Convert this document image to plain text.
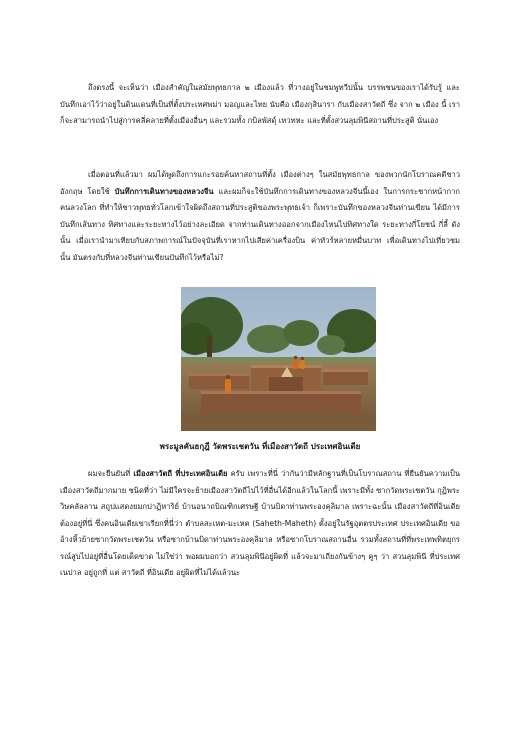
ถึงตรงนี้ จะเห็นว่า เมืองสำคัญในสมัยพุทธกาล ๒ เมืองแล้ว ที่วางอยู่ในชมพูทวีปนั้น บรรพชนของเราได้รับรู้ และบันทึกเอาไว้ว่าอยู่ในดินแดนที่เป็นที่ตั้งประเทศพม่า มอญและไทย นับคือ เมืองกุสินารา กับเมืองสาวัตถี ซึ่ง จาก ๒ เมือง นี้ เราก็จะสามารถนำไปสู่การคลี่คลายที่ตั้งเมืองอื่นๆ และรวมทั้ง กบิลพัสดุ์ เทวทหะ และที่ตั้งสวนลุมพินีสถานที่ประสูติ นั่นเอง

เมื่อตอนที่แล้วมา ผมได้พูดถึงการแกะรอยค้นหาสถานที่ตั้ง เมืองต่างๆ ในสมัยพุทธกาล ของพวกนักโบราณคดีชาวอังกฤษ โดยใช้ บันทึกการเดินทางของหลวงจีน และผมก็จะใช้บันทึกการเดินทางของหลวงจีนนี้เอง ในการกระชากหน้ากากคนลวงโลก ที่ทำให้ชาวพุทธทั่วโลกเข้าใจผิดถึงสถานที่ประสูติของพระพุทธเจ้า ก็เพราะบันทึกของหลวงจีนท่านเขียน ได้มีการบันทึกเส้นทาง ทิศทางและระยะทางไว้อย่างละเอียด จากท่านเดินทางออกจากเมืองไหนไปทิศทางใด ระยะทางกี่โยชน์ กี่ลี้ ดังนั้น เมื่อเรานำมาเทียบกับสภาพการณ์ในปัจจุบันที่เราหากไปเสียค่าเครื่องบิน ค่าทัวร์หลายหมื่นบาท เพื่อเดินทางไปเที่ยวชมนั้น มันตรงกับที่หลวงจีนท่านเขียนบันทึกไว้หรือไม่?

พระมูลคันธกุฎี วัดพระเชตวัน ที่เมืองสาวัตถี ประเทศอินเดีย

ผมจะยืนยันที่ เมืองสาวัตถี ที่ประเทศอินเดีย ครับ เพราะที่นี่ ว่ากันว่ามีหลักฐานที่เป็นโบราณสถาน ที่ยืนยันความเป็นเมืองสาวัตถีมากมาย ชนิดที่ว่า ไม่มีใครจะย้ายเมืองสาวัตถีไปไว้ที่อื่นได้อีกแล้วในโลกนี้ เพราะมีทั้ง ซากวัดพระเชตวัน กุฏิพระวิษคลัลลาน สถูปแสดงยมกปาฏิหาริย์ บ้านอนาถบิณฑิกเศรษฐี บ้านบิดาท่านพระองคุลิมาล เพราะฉะนั้น เมืองสาวัตถีที่อินเดีย ต้องอยู่ที่นี่ ซึ่งคนอินเดียเขาเรียกที่นี่ว่า ตำบลสะเหต-มะเหต (Saheth-Maheth) ตั้งอยู่ในรัฐอุตตรประเทศ ประเทศอินเดีย ขออ้างหิ้วย้ายซากวัดพระเชตวัน หรือซากบ้านบิดาท่านพระองคุลิมาล หรือซากโบราณสถานอื่น รวมทั้งสถานที่ที่พระเทพทิตยุกรรณ์สูบไปอยู่ที่อื่นโดยเด็ดขาด ไม่ใช่ว่า พอผมบอกว่า สวนลุมพินีอยู่ผิดที่ แล้วจะมาเถียงกันข้างๆ คูๆ ว่า สวนลุมพินี ที่ประเทศเนปาล อยู่ถูกที่ แต่ สาวัตถี ที่อินเดีย อยู่ผิดที่ไม่ได้แล้วนะ
